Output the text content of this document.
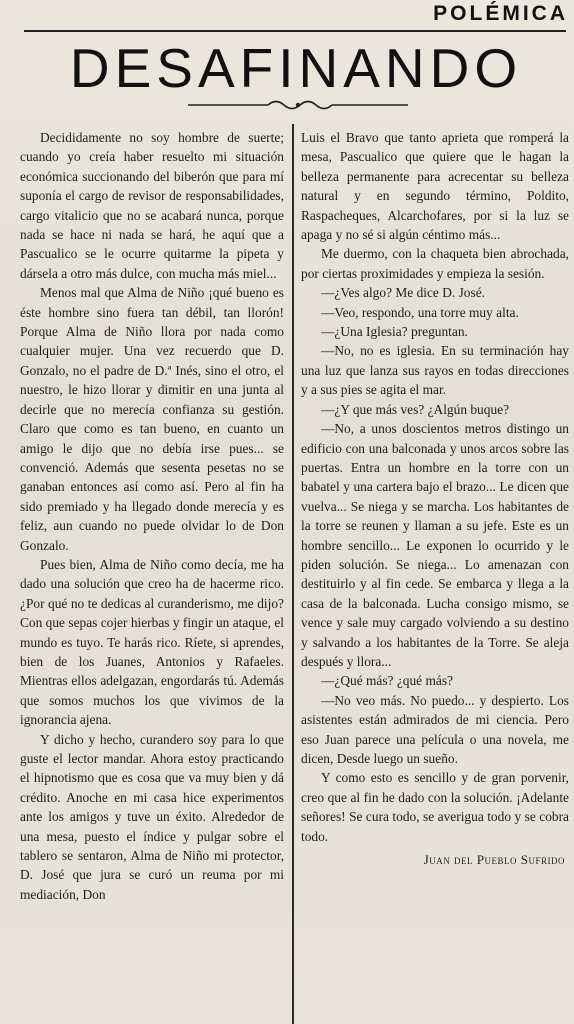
POLÉMICA
DESAFINANDO

Decididamente no soy hombre de suerte; cuando yo creía haber resuelto mi situación económica succionando del biberón que para mí suponía el cargo de revisor de responsabilidades, cargo vitalicio que no se acabará nunca, porque nada se hace ni nada se hará, he aquí que a Pascualico se le ocurre quitarme la pipeta y dársela a otro más dulce, con mucha más miel...

Menos mal que Alma de Niño ¡qué bueno es éste hombre sino fuera tan débil, tan llorón! Porque Alma de Niño llora por nada como cualquier mujer. Una vez recuerdo que D. Gonzalo, no el padre de D.ª Inés, sino el otro, el nuestro, le hizo llorar y dimitir en una junta al decirle que no merecía confianza su gestión. Claro que como es tan bueno, en cuanto un amigo le dijo que no debía irse pues... se convenció. Además que sesenta pesetas no se ganaban entonces así como así. Pero al fin ha sido premiado y ha llegado donde merecía y es feliz, aun cuando no puede olvidar lo de Don Gonzalo.

Pues bien, Alma de Niño como decía, me ha dado una solución que creo ha de hacerme rico. ¿Por qué no te dedicas al curanderismo, me dijo? Con que sepas cojer hierbas y fingir un ataque, el mundo es tuyo. Te harás rico. Ríete, si aprendes, bien de los Juanes, Antonios y Rafaeles. Mientras ellos adelgazan, engordarás tú. Además que somos muchos los que vivimos de la ignorancia ajena.

Y dicho y hecho, curandero soy para lo que guste el lector mandar. Ahora estoy practicando el hipnotismo que es cosa que va muy bien y dá crédito. Anoche en mi casa hice experimentos ante los amigos y tuve un éxito. Alrededor de una mesa, puesto el índice y pulgar sobre el tablero se sentaron, Alma de Niño mi protector, D. José que jura se curó un reuma por mi mediación, Don

Luis el Bravo que tanto aprieta que romperá la mesa, Pascualico que quiere que le hagan la belleza permanente para acrecentar su belleza natural y en segundo término, Poldito, Raspacheques, Alcarchofares, por si la luz se apaga y no sé si algún céntimo más...

Me duermo, con la chaqueta bien abrochada, por ciertas proximidades y empieza la sesión.

—¿Ves algo? Me dice D. José.

—Veo, respondo, una torre muy alta.

—¿Una Iglesia? preguntan.

—No, no es iglesia. En su terminación hay una luz que lanza sus rayos en todas direcciones y a sus pies se agita el mar.

—¿Y que más ves? ¿Algún buque?

—No, a unos doscientos metros distingo un edificio con una balconada y unos arcos sobre las puertas. Entra un hombre en la torre con un babatel y una cartera bajo el brazo... Le dicen que vuelva... Se niega y se marcha. Los habitantes de la torre se reunen y llaman a su jefe. Este es un hombre sencillo... Le exponen lo ocurrido y le piden solución. Se niega... Lo amenazan con destituirlo y al fin cede. Se embarca y llega a la casa de la balconada. Lucha consigo mismo, se vence y sale muy cargado volviendo a su destino y salvando a los habitantes de la Torre. Se aleja después y llora...

—¿Qué más? ¿qué más?

—No veo más. No puedo... y despierto. Los asistentes están admirados de mi ciencia. Pero eso Juan parece una película o una novela, me dicen, Desde luego un sueño.

Y como esto es sencillo y de gran porvenir, creo que al fin he dado con la solución. ¡Adelante señores! Se cura todo, se averigua todo y se cobra todo.

Juan del Pueblo Sufrido
